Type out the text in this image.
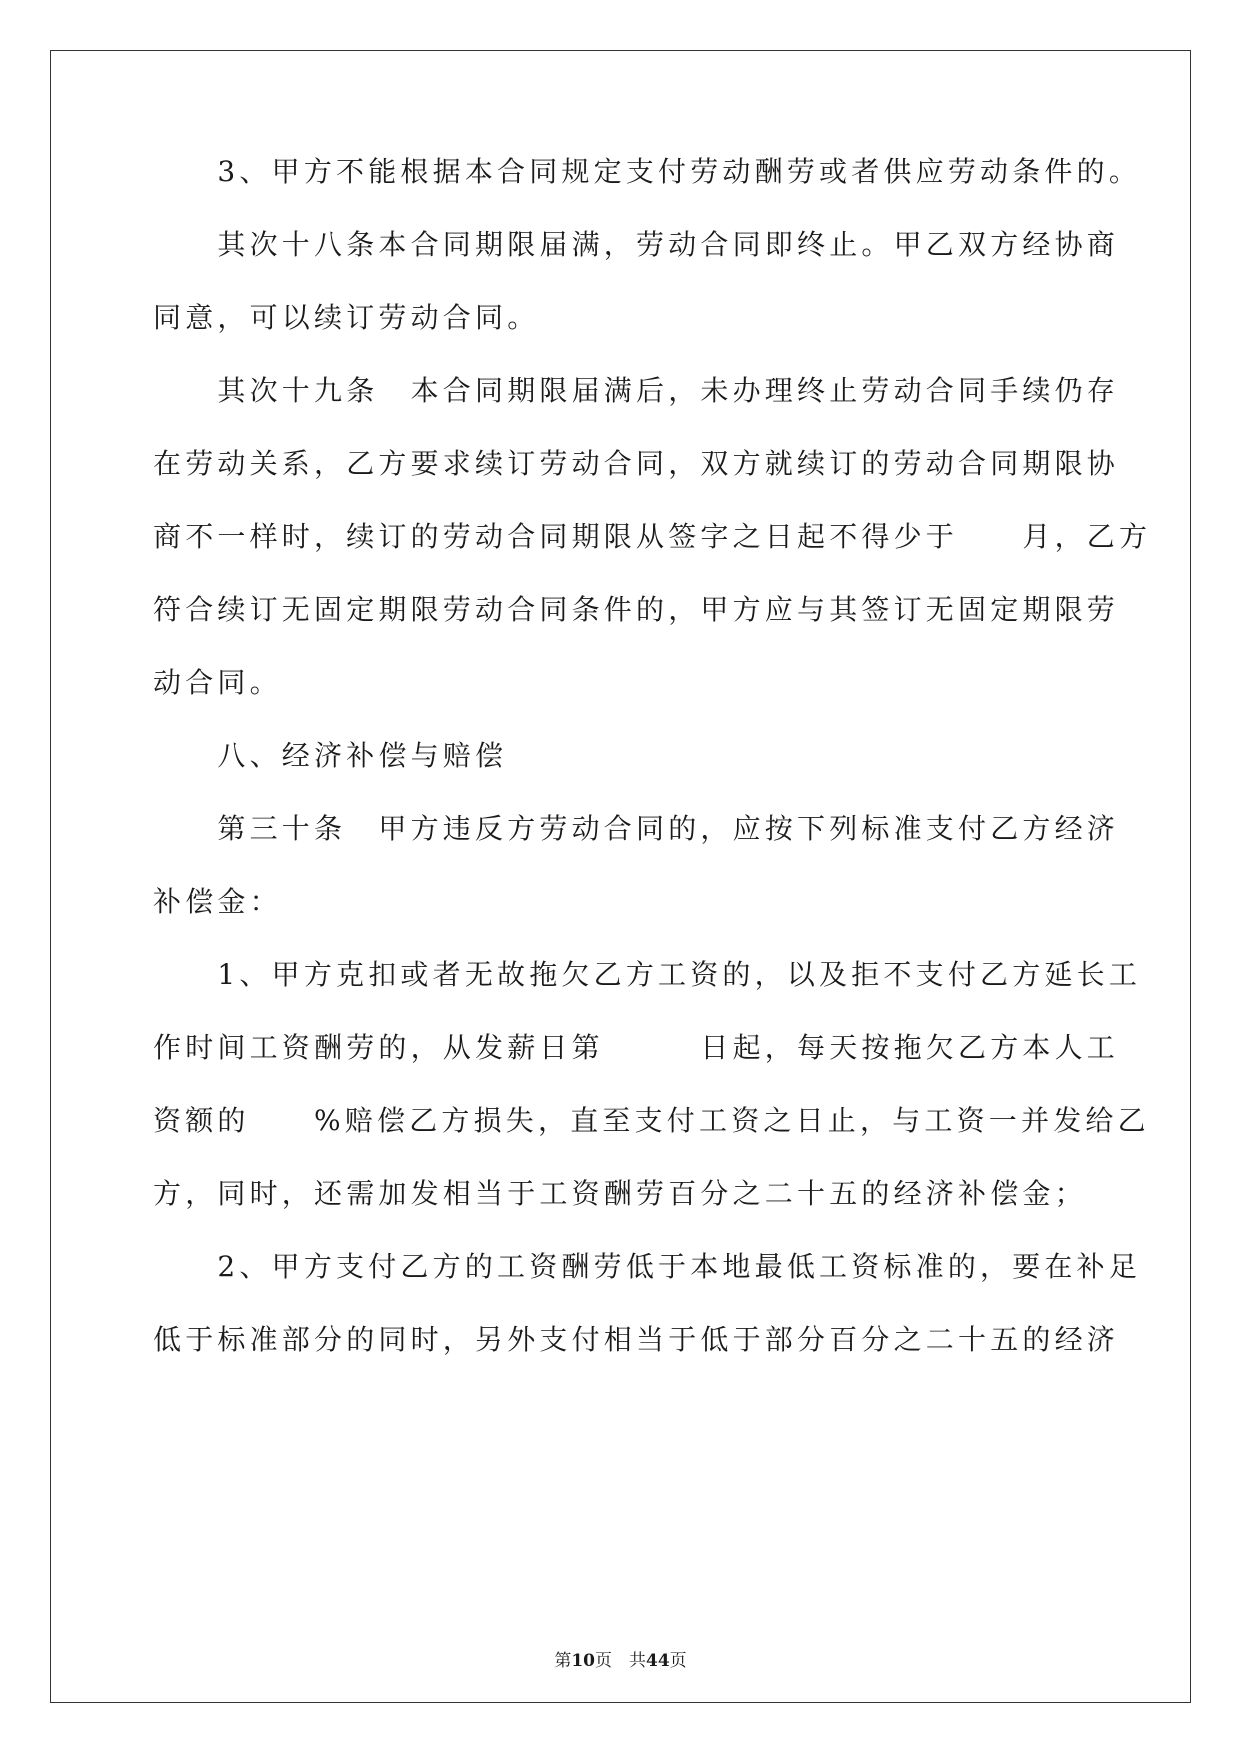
　　3、甲方不能根据本合同规定支付劳动酬劳或者供应劳动条件的。
　　其次十八条本合同期限届满，劳动合同即终止。甲乙双方经协商
同意，可以续订劳动合同。
　　其次十九条　本合同期限届满后，未办理终止劳动合同手续仍存
在劳动关系，乙方要求续订劳动合同，双方就续订的劳动合同期限协
商不一样时，续订的劳动合同期限从签字之日起不得少于　　月，乙方
符合续订无固定期限劳动合同条件的，甲方应与其签订无固定期限劳
动合同。
　　八、经济补偿与赔偿
　　第三十条　甲方违反方劳动合同的，应按下列标准支付乙方经济
补偿金：
　　1、甲方克扣或者无故拖欠乙方工资的，以及拒不支付乙方延长工
作时间工资酬劳的，从发薪日第　　　日起，每天按拖欠乙方本人工
资额的　　%赔偿乙方损失，直至支付工资之日止，与工资一并发给乙
方，同时，还需加发相当于工资酬劳百分之二十五的经济补偿金；
　　2、甲方支付乙方的工资酬劳低于本地最低工资标准的，要在补足
低于标准部分的同时，另外支付相当于低于部分百分之二十五的经济
第10页　共44页
